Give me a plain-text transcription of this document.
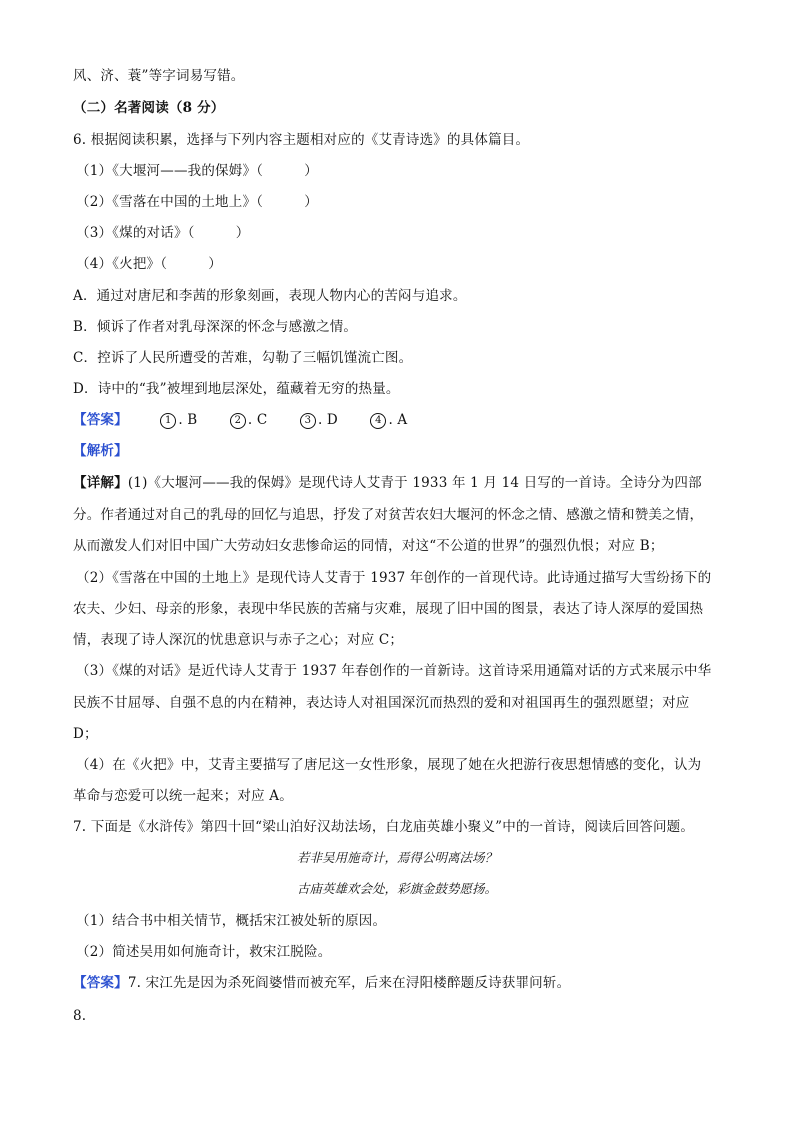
风、济、蓑”等字词易写错。
（二）名著阅读（8 分）
6. 根据阅读积累，选择与下列内容主题相对应的《艾青诗选》的具体篇目。
（1）《大堰河——我的保姆》（　　　）
（2）《雪落在中国的土地上》（　　　）
（3）《煤的对话》（　　　）
（4）《火把》（　　　）
A．通过对唐尼和李茜的形象刻画，表现人物内心的苦闷与追求。
B．倾诉了作者对乳母深深的怀念与感激之情。
C．控诉了人民所遭受的苦难，勾勒了三幅饥馑流亡图。
D．诗中的“我”被埋到地层深处，蕴藏着无穷的热量。
【答案】	1 . B	2 . C	3 . D	4 . A
【解析】
【详解】(1)《大堰河——我的保姆》是现代诗人艾青于 1933 年 1 月 14 日写的一首诗。全诗分为四部
分。作者通过对自己的乳母的回忆与追思，抒发了对贫苦农妇大堰河的怀念之情、感激之情和赞美之情，
从而激发人们对旧中国广大劳动妇女悲惨命运的同情，对这“不公道的世界”的强烈仇恨；对应 B；
（2）《雪落在中国的土地上》是现代诗人艾青于 1937 年创作的一首现代诗。此诗通过描写大雪纷扬下的
农夫、少妇、母亲的形象，表现中华民族的苦痛与灾难，展现了旧中国的图景，表达了诗人深厚的爱国热
情，表现了诗人深沉的忧患意识与赤子之心；对应 C；
（3）《煤的对话》是近代诗人艾青于 1937 年春创作的一首新诗。这首诗采用通篇对话的方式来展示中华
民族不甘屈辱、自强不息的内在精神，表达诗人对祖国深沉而热烈的爱和对祖国再生的强烈愿望；对应
D；
（4）在《火把》中，艾青主要描写了唐尼这一女性形象，展现了她在火把游行夜思想情感的变化，认为
革命与恋爱可以统一起来；对应 A。
7. 下面是《水浒传》第四十回“梁山泊好汉劫法场，白龙庙英雄小聚义”中的一首诗，阅读后回答问题。
若非吴用施奇计，焉得公明离法场？
古庙英雄欢会处，彩旗金鼓势愿扬。
（1）结合书中相关情节，概括宋江被处斩的原因。
（2）简述吴用如何施奇计，救宋江脱险。
【答案】7. 宋江先是因为杀死阎婆惜而被充军，后来在浔阳楼醉题反诗获罪问斩。
8.
